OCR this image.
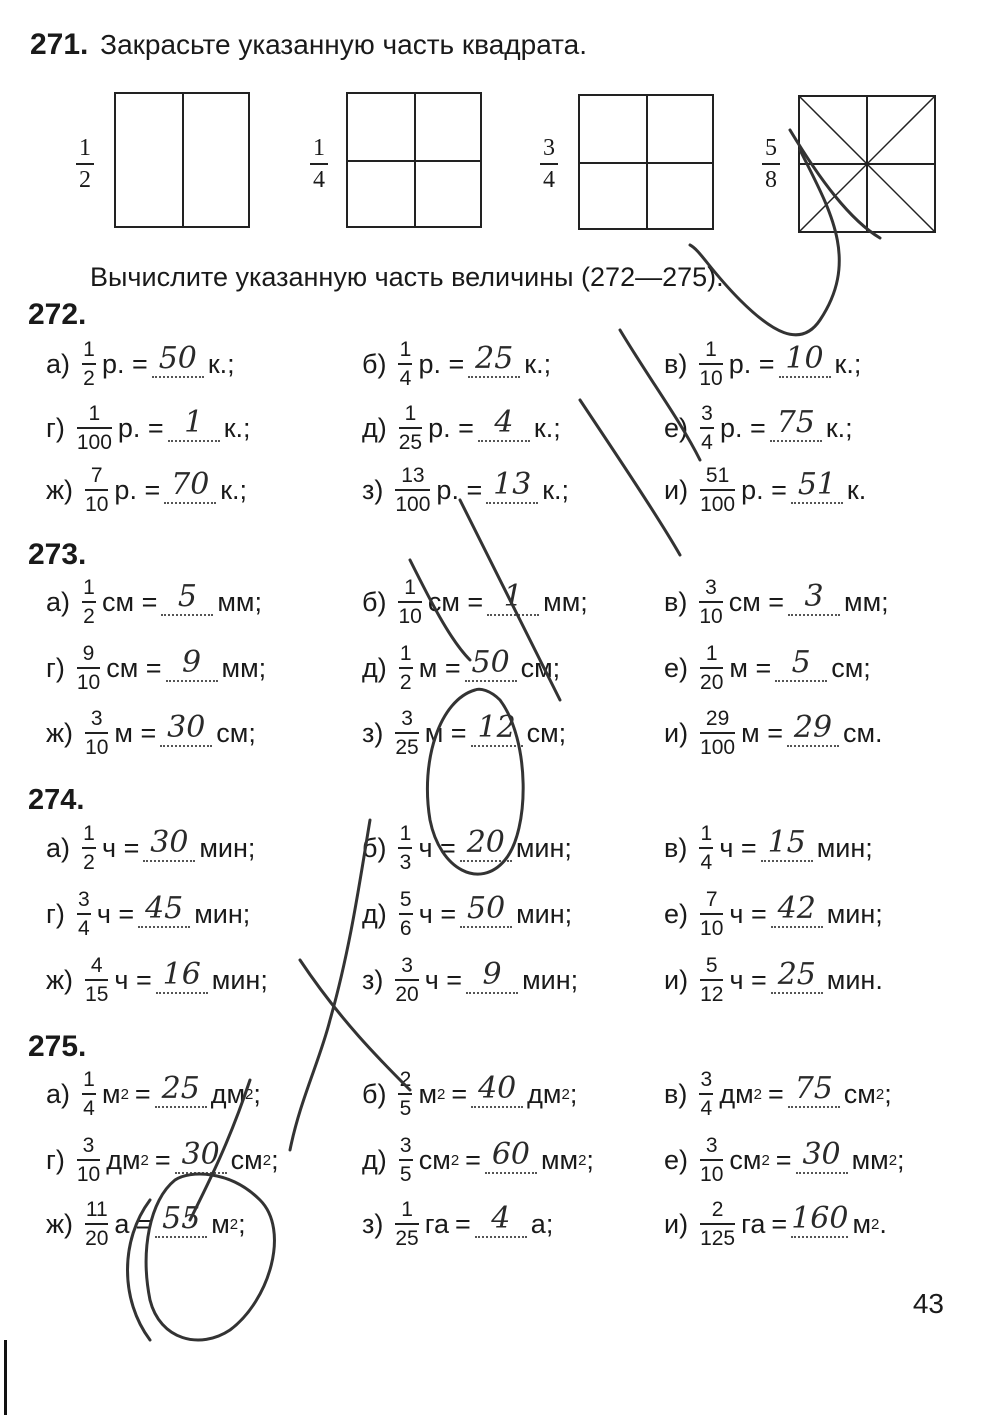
271. Закрасьте указанную часть квадрата.
1
2
1
4
3
4
5
8
Вычислите указанную часть величины (272—275).
272.
273.
274.
275.
$а) \frac{1}{2} р$. = 50 к.;	$б) \frac{1}{4} р$. = 25 к.;	$в) \frac{1}{10} р$. = 10 к.;
$г) \frac{1}{100} р$. = 1 к.;	$д) \frac{1}{25} р$. = 4 к.;	$е) \frac{3}{4} р$. = 75 к.;
$ж) \frac{7}{10} р$. = 70 к.;	$з) \frac{13}{100} р$. = 13 к.;	$и) \frac{51}{100} р$. = 51 к.
$а) \frac{1}{2}$ см = 5 мм;	$б) \frac{1}{10}$ см = 1 мм;	$в) \frac{3}{10}$ см = 3 мм;
$г) \frac{9}{10}$ см = 9 мм;	$д) \frac{1}{2}$ м = 50 см;	$е) \frac{1}{20}$ м = 5 см;
$ж) \frac{3}{10}$ м = 30 см;	$з) \frac{3}{25}$ м = 12 см;	$и) \frac{29}{100}$ м = 29 см.
$а) \frac{1}{2}$ ч = 30 мин;	$б) \frac{1}{3}$ ч = 20 мин;	$в) \frac{1}{4}$ ч = 15 мин;
$г) \frac{3}{4}$ ч = 45 мин;	$д) \frac{5}{6}$ ч = 50 мин;	$е) \frac{7}{10}$ ч = 42 мин;
$ж) \frac{4}{15}$ ч = 16 мин;	$з) \frac{3}{20}$ ч = 9 мин;	$и) \frac{5}{12}$ ч = 25 мин.
$а) \frac{1}{4}$ м 2 = 25 дм 2 ;	$б) \frac{2}{5}$ м 2 = 40 дм 2 ;	$в) \frac{3}{4}$ дм 2 = 75 см 2 ;
$г) \frac{3}{10}$ дм 2 = 30 см 2 ;	$д) \frac{3}{5}$ см 2 = 60 мм 2 ;	$е) \frac{3}{10}$ см 2 = 30 мм 2 ;
$ж) \frac{11}{20}$ а = 55 м 2 ;	$з) \frac{1}{25}$ га = 4 а ;	$и) \frac{2}{125}$ га = 160 м 2 .
43
